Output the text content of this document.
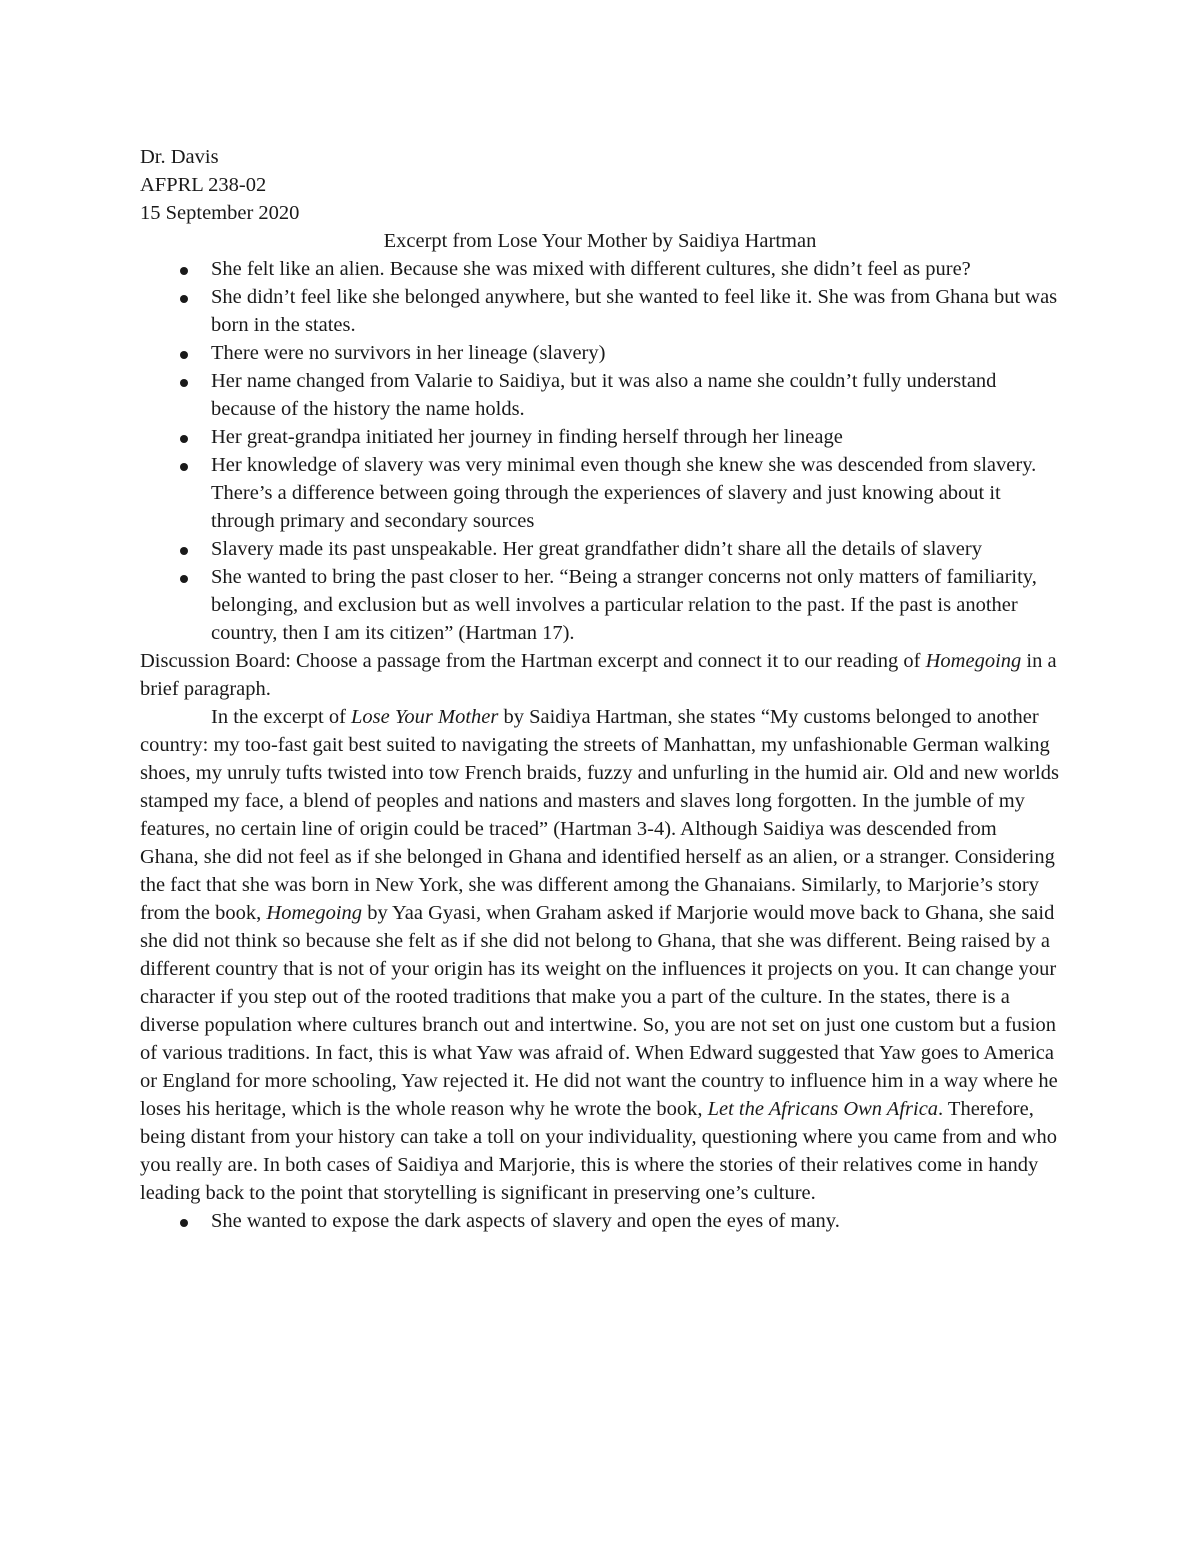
Dr. Davis

AFPRL 238-02

15 September 2020

Excerpt from Lose Your Mother by Saidiya Hartman

She felt like an alien. Because she was mixed with different cultures, she didn’t feel as pure?
She didn’t feel like she belonged anywhere, but she wanted to feel like it. She was from Ghana but was born in the states.
There were no survivors in her lineage (slavery)
Her name changed from Valarie to Saidiya, but it was also a name she couldn’t fully understand because of the history the name holds.
Her great-grandpa initiated her journey in finding herself through her lineage
Her knowledge of slavery was very minimal even though she knew she was descended from slavery. There’s a difference between going through the experiences of slavery and just knowing about it through primary and secondary sources
Slavery made its past unspeakable. Her great grandfather didn’t share all the details of slavery
She wanted to bring the past closer to her. “Being a stranger concerns not only matters of familiarity, belonging, and exclusion but as well involves a particular relation to the past. If the past is another country, then I am its citizen” (Hartman 17).

Discussion Board: Choose a passage from the Hartman excerpt and connect it to our reading of Homegoing in a brief paragraph.

In the excerpt of Lose Your Mother by Saidiya Hartman, she states “My customs belonged to another country: my too-fast gait best suited to navigating the streets of Manhattan, my unfashionable German walking shoes, my unruly tufts twisted into tow French braids, fuzzy and unfurling in the humid air. Old and new worlds stamped my face, a blend of peoples and nations and masters and slaves long forgotten. In the jumble of my features, no certain line of origin could be traced” (Hartman 3-4). Although Saidiya was descended from Ghana, she did not feel as if she belonged in Ghana and identified herself as an alien, or a stranger. Considering the fact that she was born in New York, she was different among the Ghanaians. Similarly, to Marjorie’s story from the book, Homegoing by Yaa Gyasi, when Graham asked if Marjorie would move back to Ghana, she said she did not think so because she felt as if she did not belong to Ghana, that she was different. Being raised by a different country that is not of your origin has its weight on the influences it projects on you. It can change your character if you step out of the rooted traditions that make you a part of the culture. In the states, there is a diverse population where cultures branch out and intertwine. So, you are not set on just one custom but a fusion of various traditions. In fact, this is what Yaw was afraid of. When Edward suggested that Yaw goes to America or England for more schooling, Yaw rejected it. He did not want the country to influence him in a way where he loses his heritage, which is the whole reason why he wrote the book, Let the Africans Own Africa. Therefore, being distant from your history can take a toll on your individuality, questioning where you came from and who you really are. In both cases of Saidiya and Marjorie, this is where the stories of their relatives come in handy leading back to the point that storytelling is significant in preserving one’s culture.

She wanted to expose the dark aspects of slavery and open the eyes of many.
